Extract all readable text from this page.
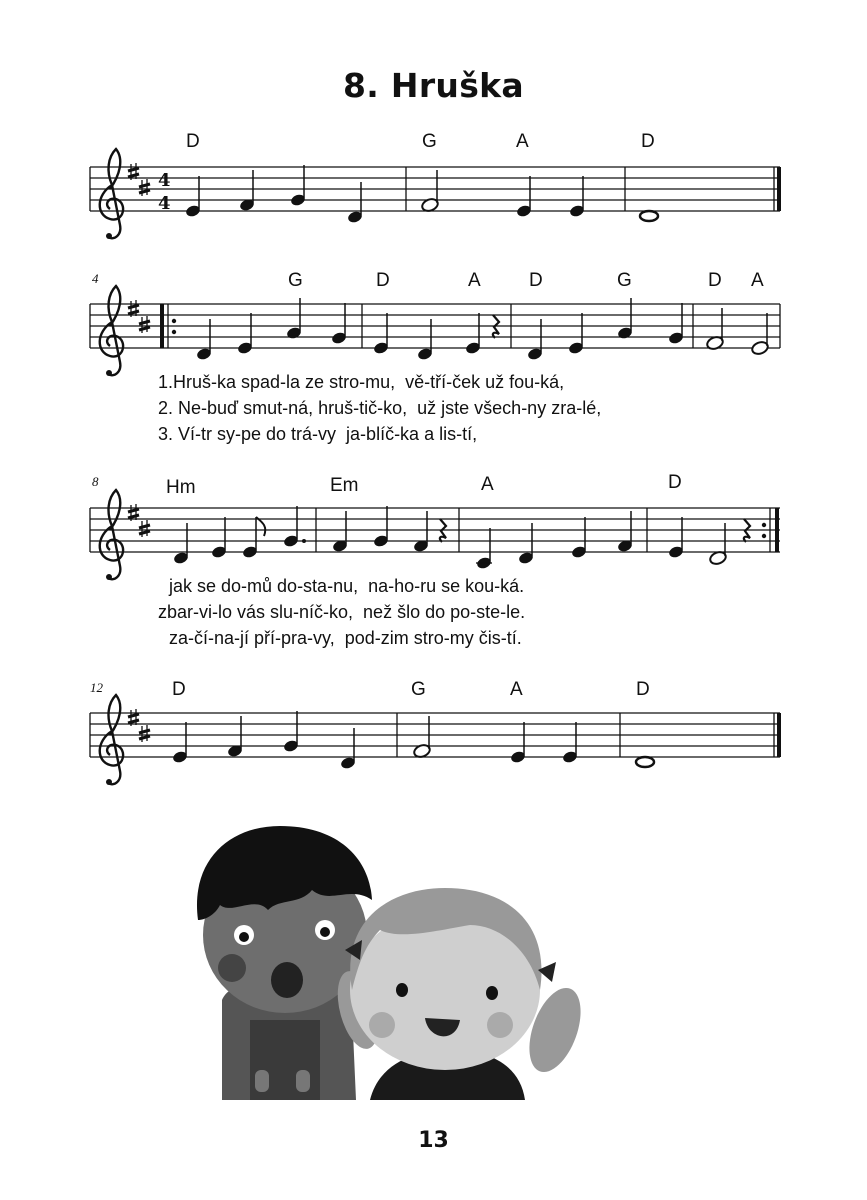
8. Hruška
D	G	A	D
4	G	D	A	D	G	D A
1.Hruš-ka spad-la ze stro-mu,  vě-tří-ček už fou-ká,
2. Ne-buď smut-ná, hruš-tič-ko,  už jste všech-ny zra-lé,
3. Ví-tr sy-pe do trá-vy  ja-blíč-ka a lis-tí,
8	Hm	Em	A	D
jak se do-mů do-sta-nu,  na-ho-ru se kou-ká.
zbar-vi-lo vás slu-níč-ko,  než šlo do po-ste-le.
za-čí-na-jí pří-pra-vy,  pod-zim stro-my čis-tí.
12	D	G	A	D
4
4
13
